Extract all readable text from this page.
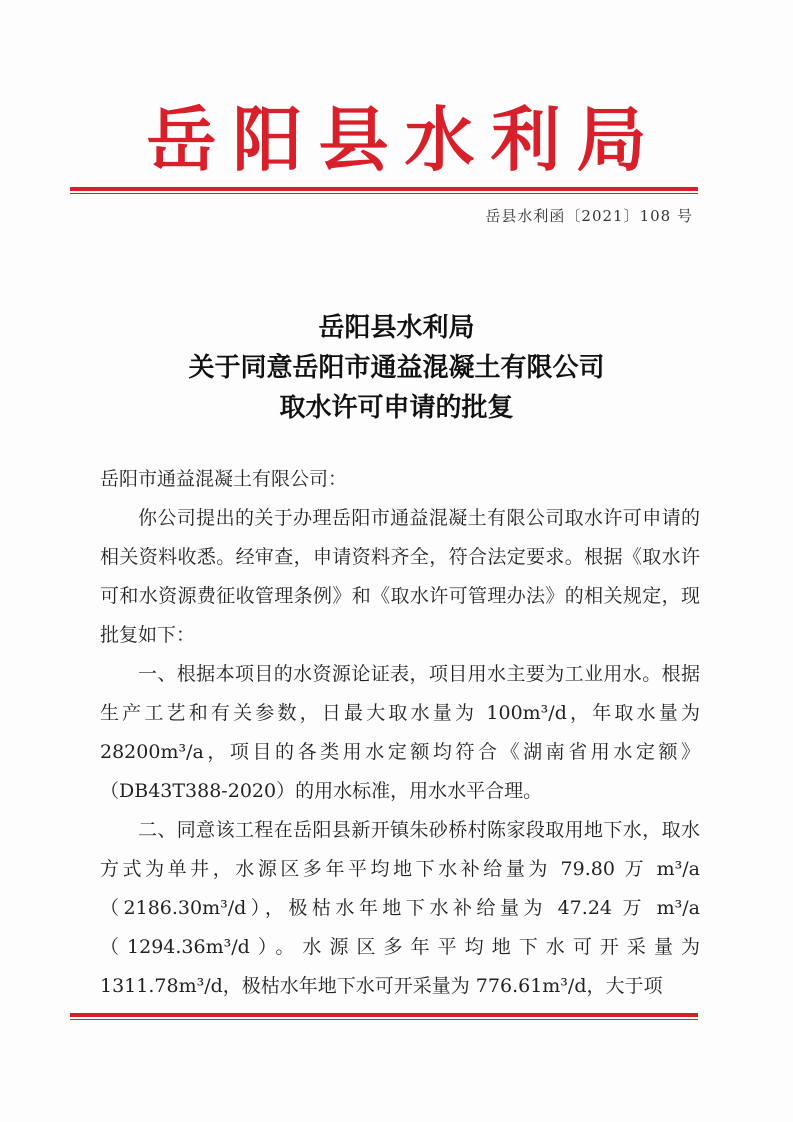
岳阳县水利局
岳县水利函〔2021〕108 号
岳阳县水利局
关于同意岳阳市通益混凝土有限公司
取水许可申请的批复

岳阳市通益混凝土有限公司：

你公司提出的关于办理岳阳市通益混凝土有限公司取水许可申请的相关资料收悉。经审查，申请资料齐全，符合法定要求。根据《取水许可和水资源费征收管理条例》和《取水许可管理办法》的相关规定，现批复如下：

一、根据本项目的水资源论证表，项目用水主要为工业用水。根据生产工艺和有关参数，日最大取水量为 100m³/d，年取水量为 28200m³/a，项目的各类用水定额均符合《湖南省用水定额》（DB43T388-2020）的用水标准，用水水平合理。

二、同意该工程在岳阳县新开镇朱砂桥村陈家段取用地下水，取水方式为单井，水源区多年平均地下水补给量为 79.80 万 m³/a（2186.30m³/d），极枯水年地下水补给量为 47.24 万 m³/a（1294.36m³/d）。水源区多年平均地下水可开采量为 1311.78m³/d，极枯水年地下水可开采量为 776.61m³/d，大于项
